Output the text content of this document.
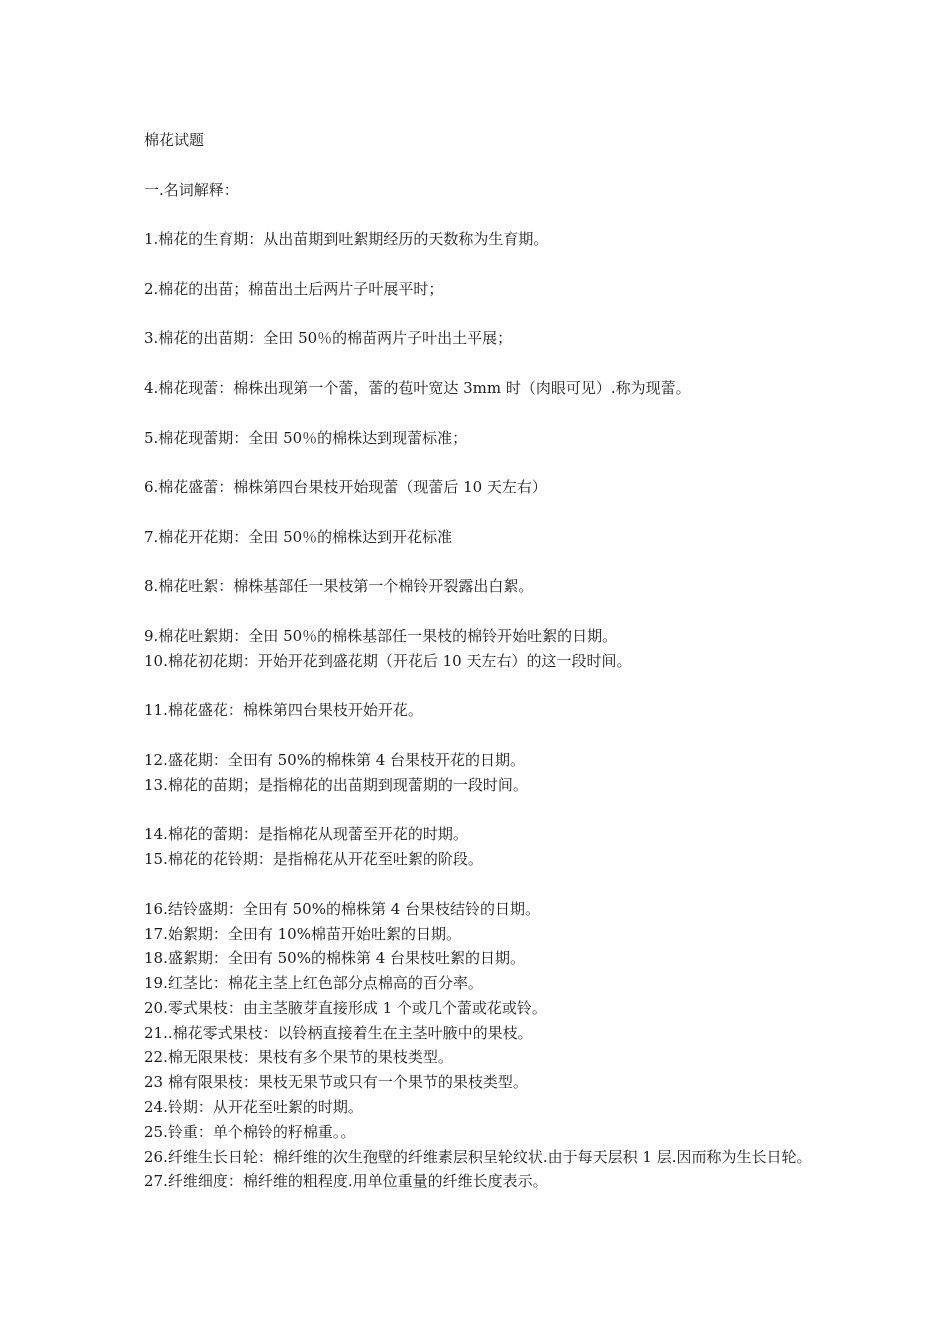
棉花试题
一.名词解释：
1.棉花的生育期：从出苗期到吐絮期经历的天数称为生育期。
2.棉花的出苗；棉苗出土后两片子叶展平时；
3.棉花的出苗期：全田 50％的棉苗两片子叶出土平展；
4.棉花现蕾：棉株出现第一个蕾，蕾的苞叶宽达 3mm 时（肉眼可见）.称为现蕾。
5.棉花现蕾期：全田 50％的棉株达到现蕾标准；
6.棉花盛蕾：棉株第四台果枝开始现蕾（现蕾后 10 天左右）
7.棉花开花期：全田 50％的棉株达到开花标准
8.棉花吐絮：棉株基部任一果枝第一个棉铃开裂露出白絮。
9.棉花吐絮期：全田 50％的棉株基部任一果枝的棉铃开始吐絮的日期。
10.棉花初花期：开始开花到盛花期（开花后 10 天左右）的这一段时间。
11.棉花盛花：棉株第四台果枝开始开花。
12.盛花期：全田有 50%的棉株第 4 台果枝开花的日期。
13.棉花的苗期；是指棉花的出苗期到现蕾期的一段时间。
14.棉花的蕾期：是指棉花从现蕾至开花的时期。
15.棉花的花铃期：是指棉花从开花至吐絮的阶段。
16.结铃盛期：全田有 50%的棉株第 4 台果枝结铃的日期。
17.始絮期：全田有 10%棉苗开始吐絮的日期。
18.盛絮期：全田有 50%的棉株第 4 台果枝吐絮的日期。
19.红茎比：棉花主茎上红色部分点棉高的百分率。
20.零式果枝：由主茎腋芽直接形成 1 个或几个蕾或花或铃。
21..棉花零式果枝：以铃柄直接着生在主茎叶腋中的果枝。
22.棉无限果枝：果枝有多个果节的果枝类型。
23 棉有限果枝：果枝无果节或只有一个果节的果枝类型。
24.铃期：从开花至吐絮的时期。
25.铃重：单个棉铃的籽棉重。。
26.纤维生长日轮：棉纤维的次生孢壁的纤维素层积呈轮纹状.由于每天层积 1 层.因而称为生长日轮。
27.纤维细度：棉纤维的粗程度.用单位重量的纤维长度表示。
